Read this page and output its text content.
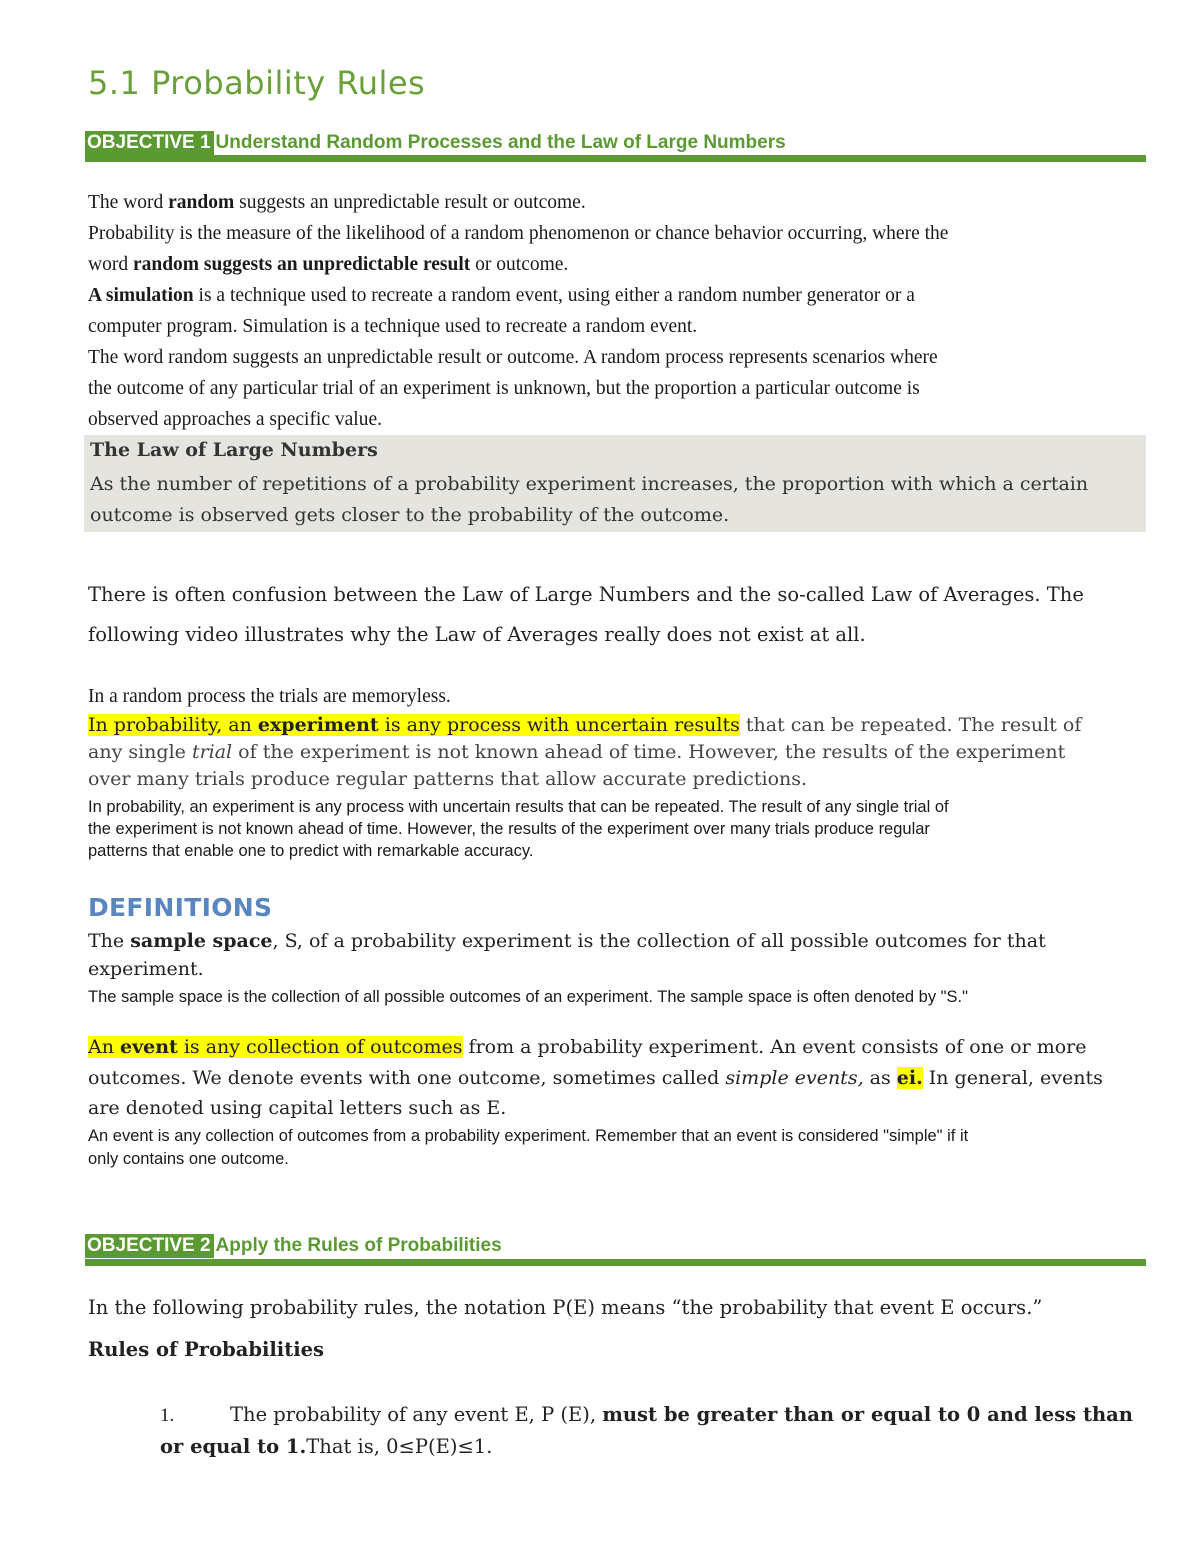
5.1 Probability Rules
OBJECTIVE 1 Understand Random Processes and the Law of Large Numbers
The word random suggests an unpredictable result or outcome.
Probability is the measure of the likelihood of a random phenomenon or chance behavior occurring, where the
word random suggests an unpredictable result or outcome.
A simulation is a technique used to recreate a random event, using either a random number generator or a
computer program. Simulation is a technique used to recreate a random event.
The word random suggests an unpredictable result or outcome. A random process represents scenarios where
the outcome of any particular trial of an experiment is unknown, but the proportion a particular outcome is
observed approaches a specific value.
The Law of Large Numbers
As the number of repetitions of a probability experiment increases, the proportion with which a certain
outcome is observed gets closer to the probability of the outcome.
There is often confusion between the Law of Large Numbers and the so-called Law of Averages. The
following video illustrates why the Law of Averages really does not exist at all.
In a random process the trials are memoryless.
In probability, an experiment is any process with uncertain results that can be repeated. The result of
any single trial of the experiment is not known ahead of time. However, the results of the experiment
over many trials produce regular patterns that allow accurate predictions.
In probability, an experiment is any process with uncertain results that can be repeated. The result of any single trial of
the experiment is not known ahead of time. However, the results of the experiment over many trials produce regular
patterns that enable one to predict with remarkable accuracy.
DEFINITIONS
The sample space, S, of a probability experiment is the collection of all possible outcomes for that
experiment.
The sample space is the collection of all possible outcomes of an experiment. The sample space is often denoted by "S."
An event is any collection of outcomes from a probability experiment. An event consists of one or more
outcomes. We denote events with one outcome, sometimes called simple events, as ei. In general, events
are denoted using capital letters such as E.
An event is any collection of outcomes from a probability experiment. Remember that an event is considered "simple" if it
only contains one outcome.
OBJECTIVE 2 Apply the Rules of Probabilities
In the following probability rules, the notation P(E) means “the probability that event E occurs.”
Rules of Probabilities
1.	The probability of any event E, P (E), must be greater than or equal to 0 and less than
or equal to 1.That is, 0≤P(E)≤1.
